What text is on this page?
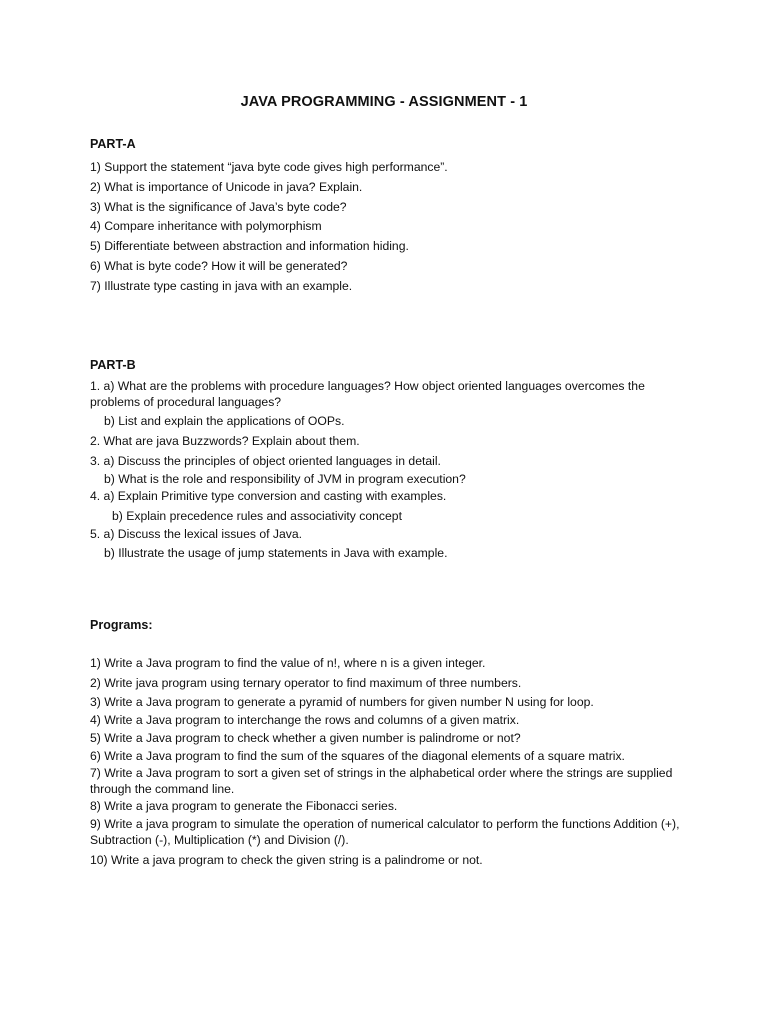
JAVA PROGRAMMING - ASSIGNMENT - 1
PART-A
1) Support the statement “java byte code gives high performance”.
2) What is importance of Unicode in java? Explain.
3) What is the significance of Java’s byte code?
4) Compare inheritance with polymorphism
5) Differentiate between abstraction and information hiding.
6) What is byte code? How it will be generated?
7) Illustrate type casting in java with an example.
PART-B
1. a) What are the problems with procedure languages? How object oriented languages overcomes the problems of procedural languages?
b) List and explain the applications of OOPs.
2. What are java Buzzwords? Explain about them.
3. a) Discuss the principles of object oriented languages in detail.
b) What is the role and responsibility of JVM in program execution?
4. a) Explain Primitive type conversion and casting with examples.
b) Explain precedence rules and associativity concept
5. a) Discuss the lexical issues of Java.
b) Illustrate the usage of jump statements in Java with example.
Programs:
1) Write a Java program to find the value of n!, where n is a given integer.
2) Write java program using ternary operator to find maximum of three numbers.
3) Write a Java program to generate a pyramid of numbers for given number N using for loop.
4) Write a Java program to interchange the rows and columns of a given matrix.
5) Write a Java program to check whether a given number is palindrome or not?
6) Write a Java program to find the sum of the squares of the diagonal elements of a square matrix.
7) Write a Java program to sort a given set of strings in the alphabetical order where the strings are supplied through the command line.
8) Write a java program to generate the Fibonacci series.
9) Write a java program to simulate the operation of numerical calculator to perform the functions Addition (+), Subtraction (-), Multiplication (*) and Division (/).
10) Write a java program to check the given string is a palindrome or not.
